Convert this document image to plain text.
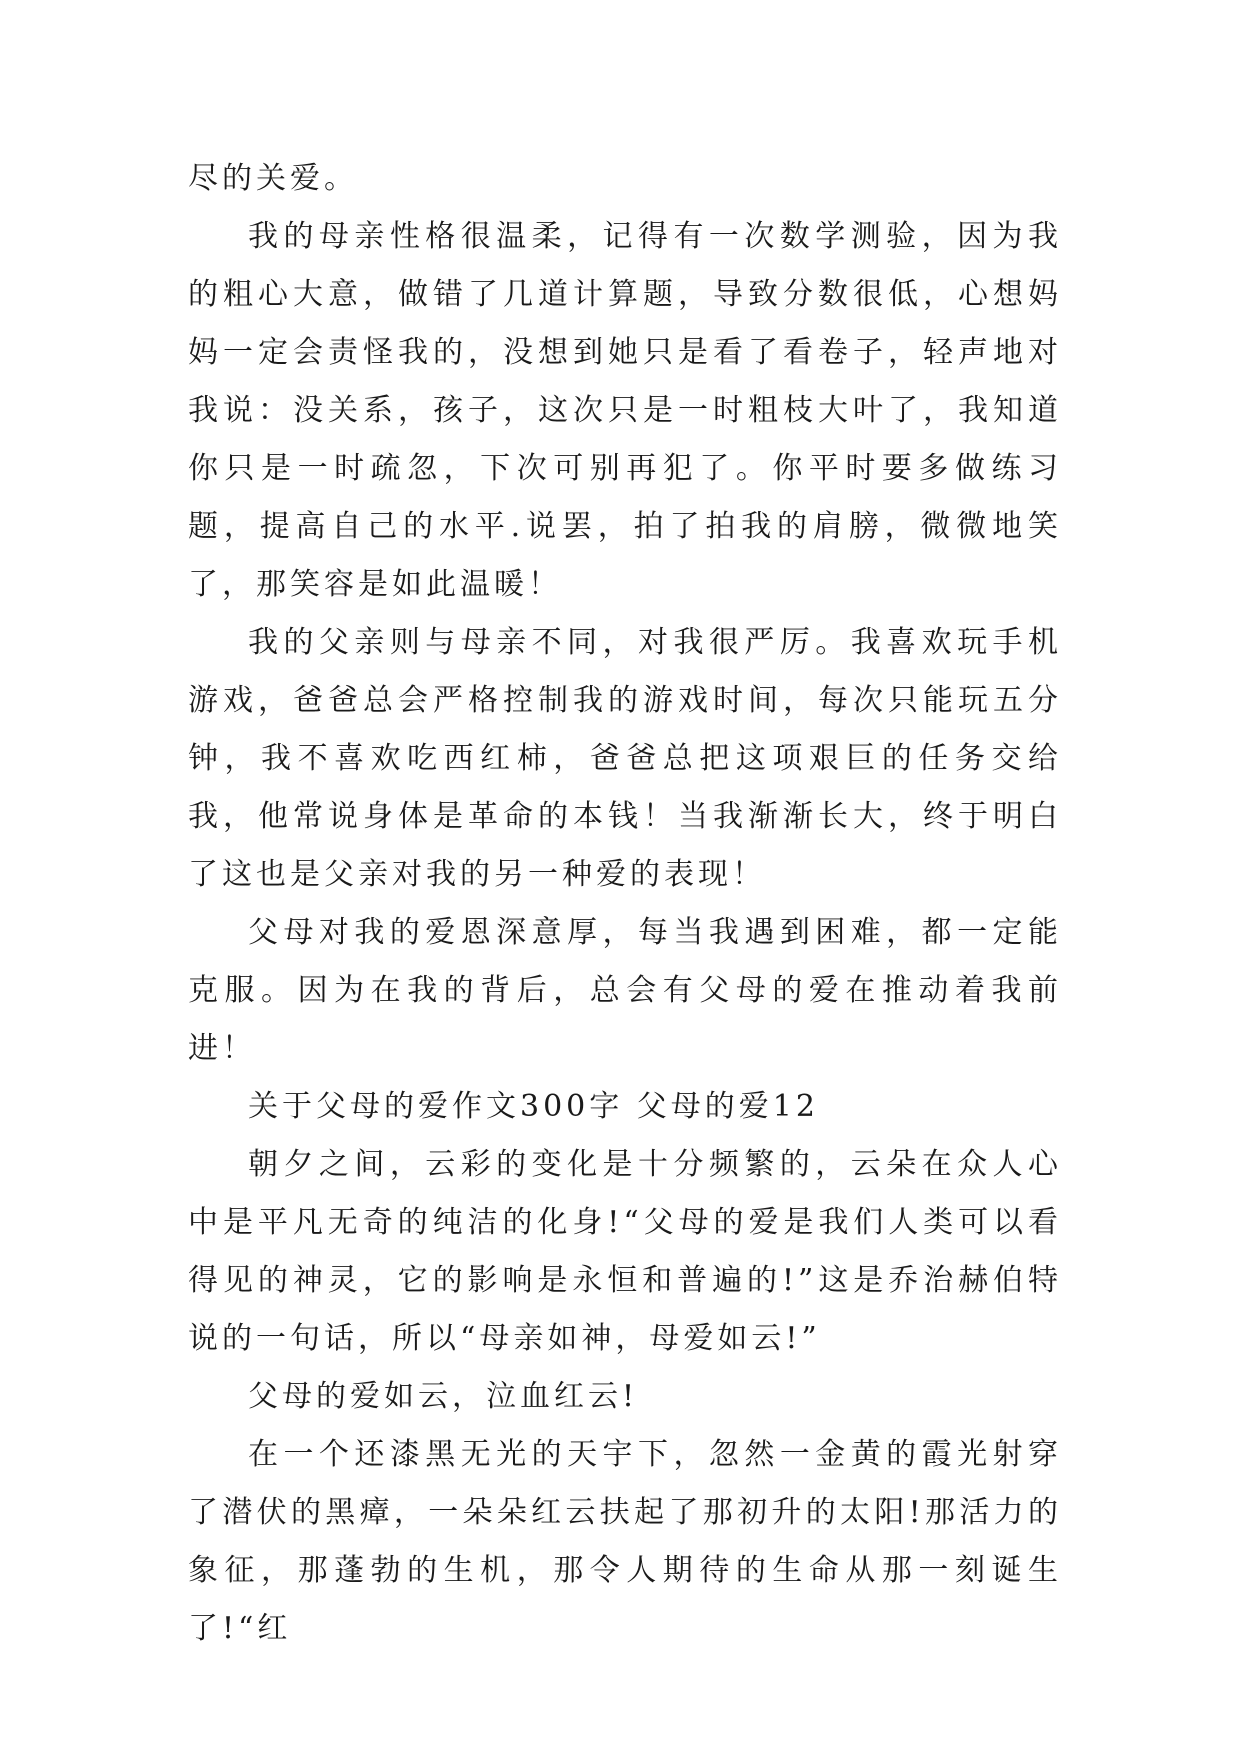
尽的关爱。

我的母亲性格很温柔，记得有一次数学测验，因为我的粗心大意，做错了几道计算题，导致分数很低，心想妈妈一定会责怪我的，没想到她只是看了看卷子，轻声地对我说：没关系，孩子，这次只是一时粗枝大叶了，我知道你只是一时疏忽，下次可别再犯了。你平时要多做练习题，提高自己的水平.说罢，拍了拍我的肩膀，微微地笑了，那笑容是如此温暖！

我的父亲则与母亲不同，对我很严厉。我喜欢玩手机游戏，爸爸总会严格控制我的游戏时间，每次只能玩五分钟，我不喜欢吃西红柿，爸爸总把这项艰巨的任务交给我，他常说身体是革命的本钱！当我渐渐长大，终于明白了这也是父亲对我的另一种爱的表现！

父母对我的爱恩深意厚，每当我遇到困难，都一定能克服。因为在我的背后，总会有父母的爱在推动着我前进！

关于父母的爱作文300字 父母的爱12

朝夕之间，云彩的变化是十分频繁的，云朵在众人心中是平凡无奇的纯洁的化身!“父母的爱是我们人类可以看得见的神灵，它的影响是永恒和普遍的!”这是乔治赫伯特说的一句话，所以“母亲如神，母爱如云!”

父母的爱如云，泣血红云!

在一个还漆黑无光的天宇下，忽然一金黄的霞光射穿了潜伏的黑瘴，一朵朵红云扶起了那初升的太阳!那活力的象征，那蓬勃的生机，那令人期待的生命从那一刻诞生了!“红
